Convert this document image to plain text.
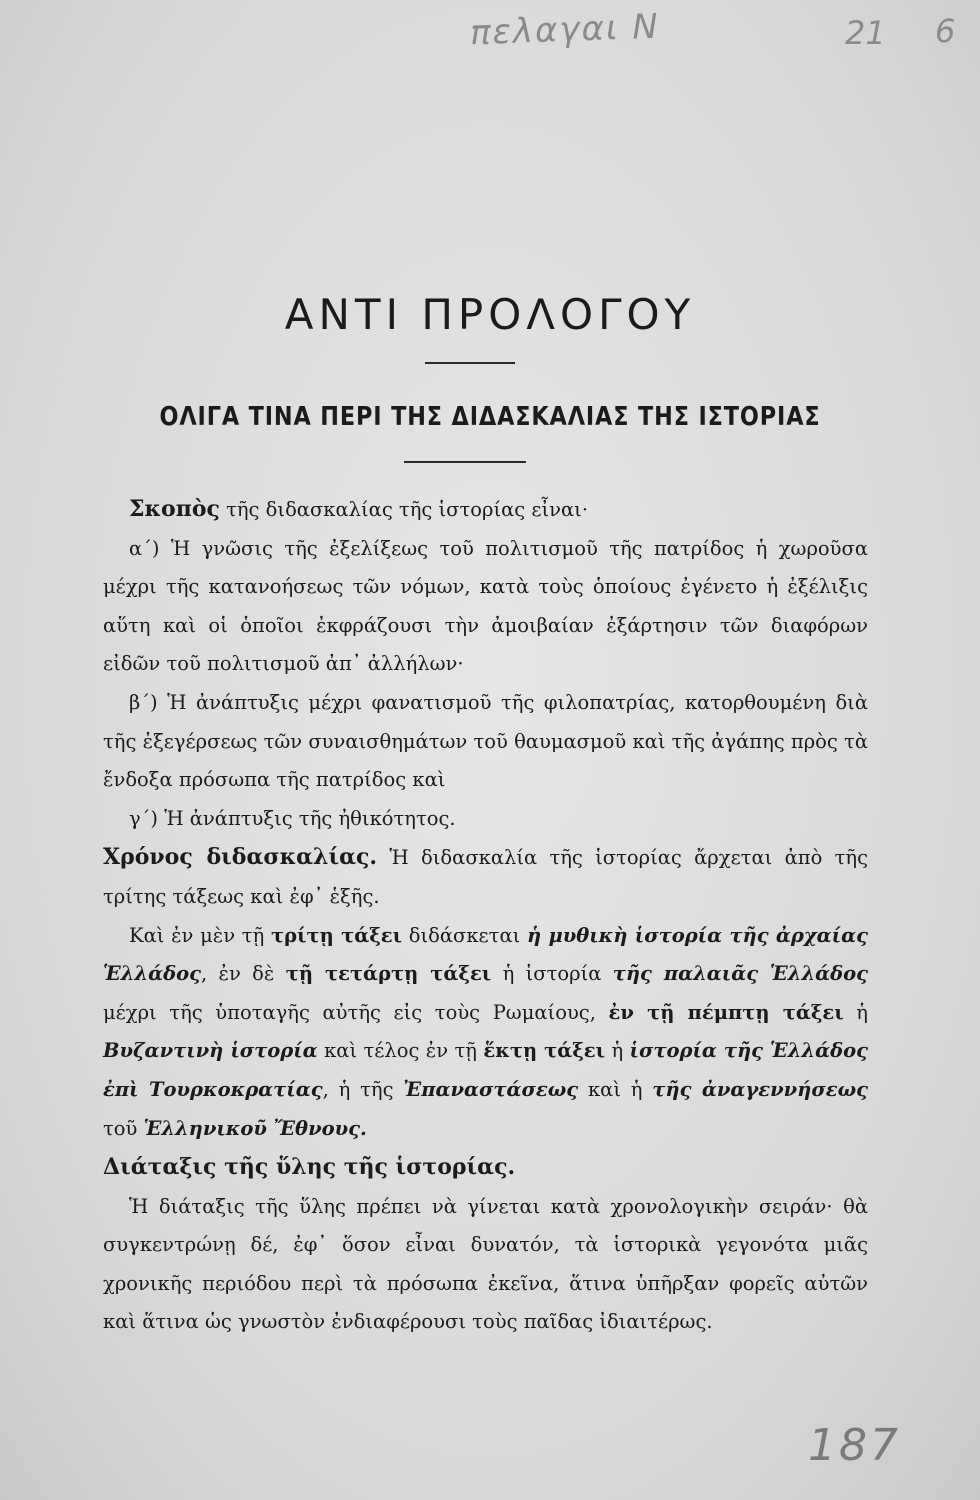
πελαγαι Ν	21 6
ΑΝΤΙ ΠΡΟΛΟΓΟΥ
ΟΛΙΓΑ ΤΙΝΑ ΠΕΡΙ ΤΗΣ ΔΙΔΑΣΚΑΛΙΑΣ ΤΗΣ ΙΣΤΟΡΙΑΣ

Σκοπὸς τῆς διδασκαλίας τῆς ἱστορίας εἶναι·

α΄) Ἡ γνῶσις τῆς ἐξελίξεως τοῦ πολιτισμοῦ τῆς πατρίδος ἡ χωροῦσα μέχρι τῆς κατανοήσεως τῶν νόμων, κατὰ τοὺς ὁποίους ἐγένετο ἡ ἐξέλιξις αὕτη καὶ οἱ ὁποῖοι ἐκφράζουσι τὴν ἀμοιβαίαν ἐξάρτησιν τῶν διαφόρων εἰδῶν τοῦ πολιτισμοῦ ἀπ᾽ ἀλλήλων·

β΄) Ἡ ἀνάπτυξις μέχρι φανατισμοῦ τῆς φιλοπατρίας, κατορθουμένη διὰ τῆς ἐξεγέρσεως τῶν συναισθημάτων τοῦ θαυμασμοῦ καὶ τῆς ἀγάπης πρὸς τὰ ἔνδοξα πρόσωπα τῆς πατρίδος καὶ

γ΄) Ἡ ἀνάπτυξις τῆς ἠθικότητος.

Χρόνος διδασκαλίας. Ἡ διδασκαλία τῆς ἱστορίας ἄρχεται ἀπὸ τῆς τρίτης τάξεως καὶ ἐφ᾽ ἑξῆς.

Καὶ ἐν μὲν τῇ τρίτῃ τάξει διδάσκεται ἡ μυθικὴ ἱστορία τῆς ἀρχαίας Ἑλλάδος, ἐν δὲ τῇ τετάρτῃ τάξει ἡ ἱστορία τῆς παλαιᾶς Ἑλλάδος μέχρι τῆς ὑποταγῆς αὐτῆς εἰς τοὺς Ρωμαίους, ἐν τῇ πέμπτῃ τάξει ἡ Βυζαντινὴ ἱστορία καὶ τέλος ἐν τῇ ἕκτῃ τάξει ἡ ἱστορία τῆς Ἑλλάδος ἐπὶ Τουρκοκρατίας, ἡ τῆς Ἐπαναστάσεως καὶ ἡ τῆς ἀναγεννήσεως τοῦ Ἑλληνικοῦ Ἔθνους.

Διάταξις τῆς ὕλης τῆς ἱστορίας.

Ἡ διάταξις τῆς ὕλης πρέπει νὰ γίνεται κατὰ χρονολογικὴν σειράν· θὰ συγκεντρώνῃ δέ, ἐφ᾽ ὅσον εἶναι δυνατόν, τὰ ἱστορικὰ γεγονότα μιᾶς χρονικῆς περιόδου περὶ τὰ πρόσωπα ἐκεῖνα, ἅτινα ὑπῆρξαν φορεῖς αὐτῶν καὶ ἅτινα ὡς γνωστὸν ἐνδιαφέρουσι τοὺς παῖδας ἰδιαιτέρως.

187
